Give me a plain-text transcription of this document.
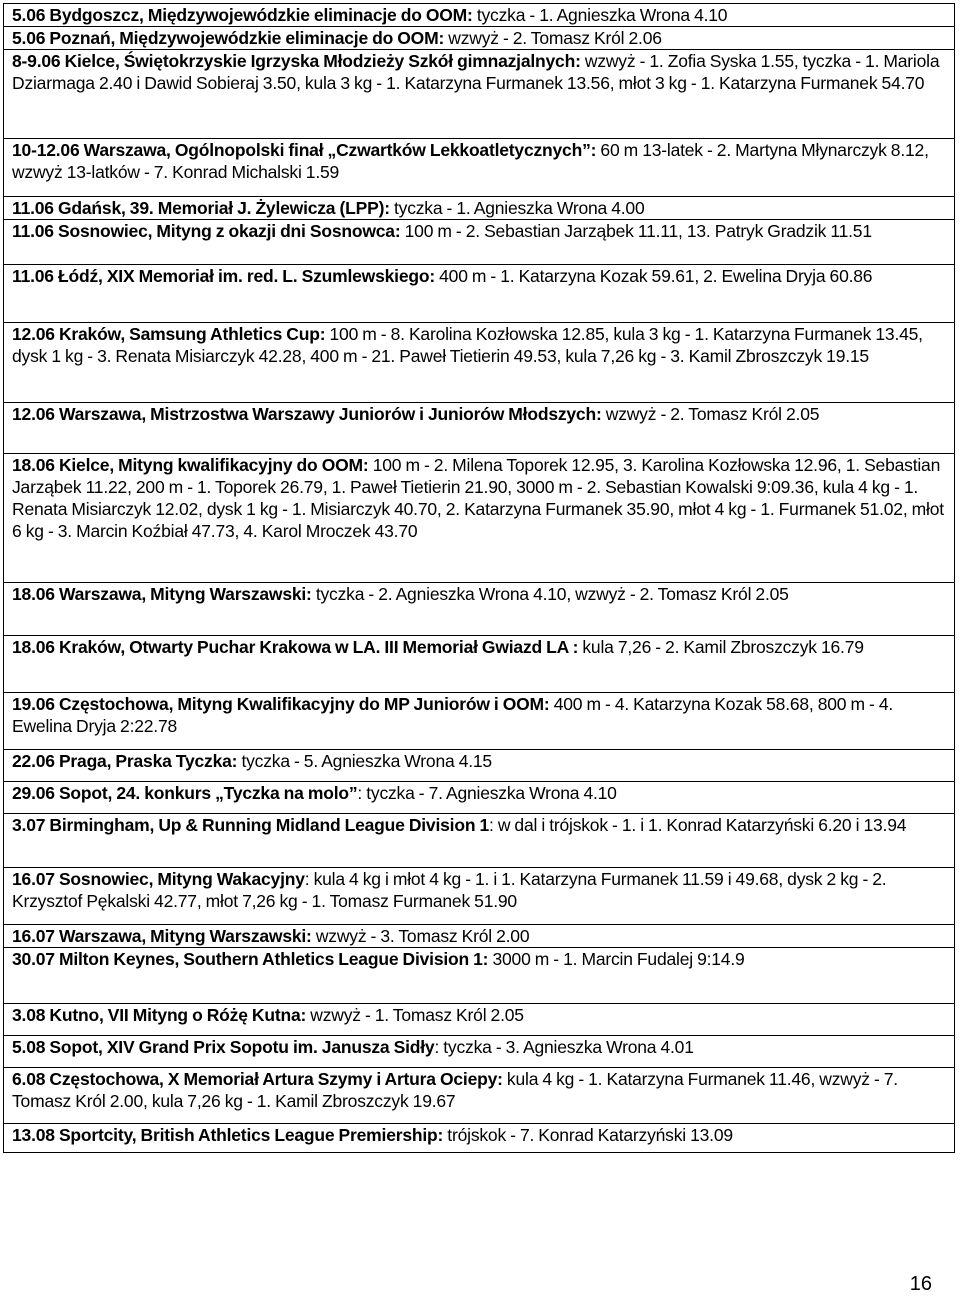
5.06 Bydgoszcz, Międzywojewódzkie eliminacje do OOM: tyczka - 1. Agnieszka Wrona 4.10
5.06 Poznań, Międzywojewódzkie eliminacje do OOM: wzwyż - 2. Tomasz Król 2.06
8-9.06 Kielce, Świętokrzyskie Igrzyska Młodzieży Szkół gimnazjalnych: wzwyż - 1. Zofia Syska 1.55, tyczka - 1. Mariola Dziarmaga 2.40 i Dawid Sobieraj 3.50, kula 3 kg - 1. Katarzyna Furmanek 13.56, młot 3 kg - 1. Katarzyna Furmanek 54.70
10-12.06 Warszawa, Ogólnopolski finał „Czwartków Lekkoatletycznych”: 60 m 13-latek - 2. Martyna Młynarczyk 8.12, wzwyż 13-latków - 7. Konrad Michalski 1.59
11.06 Gdańsk, 39. Memoriał J. Żylewicza (LPP): tyczka - 1. Agnieszka Wrona 4.00
11.06 Sosnowiec, Mityng z okazji dni Sosnowca: 100 m - 2. Sebastian Jarząbek 11.11, 13. Patryk Gradzik 11.51
11.06 Łódź, XIX Memoriał im. red. L. Szumlewskiego: 400 m - 1. Katarzyna Kozak 59.61, 2. Ewelina Dryja 60.86
12.06 Kraków, Samsung Athletics Cup: 100 m - 8. Karolina Kozłowska 12.85, kula 3 kg - 1. Katarzyna Furmanek 13.45, dysk 1 kg - 3. Renata Misiarczyk 42.28, 400 m - 21. Paweł Tietierin 49.53, kula 7,26 kg - 3. Kamil Zbroszczyk 19.15
12.06 Warszawa, Mistrzostwa Warszawy Juniorów i Juniorów Młodszych: wzwyż - 2. Tomasz Król 2.05
18.06 Kielce, Mityng kwalifikacyjny do OOM: 100 m - 2. Milena Toporek 12.95, 3. Karolina Kozłowska 12.96, 1. Sebastian Jarząbek 11.22, 200 m - 1. Toporek 26.79, 1. Paweł Tietierin 21.90, 3000 m - 2. Sebastian Kowalski 9:09.36, kula 4 kg - 1. Renata Misiarczyk 12.02, dysk 1 kg - 1. Misiarczyk 40.70, 2. Katarzyna Furmanek 35.90, młot 4 kg - 1. Furmanek 51.02, młot 6 kg - 3. Marcin Koźbiał 47.73, 4. Karol Mroczek 43.70
18.06 Warszawa, Mityng Warszawski: tyczka - 2. Agnieszka Wrona 4.10, wzwyż - 2. Tomasz Król 2.05
18.06 Kraków, Otwarty Puchar Krakowa w LA. III Memoriał Gwiazd LA : kula 7,26 - 2. Kamil Zbroszczyk 16.79
19.06 Częstochowa, Mityng Kwalifikacyjny do MP Juniorów i OOM: 400 m - 4. Katarzyna Kozak 58.68, 800 m - 4. Ewelina Dryja 2:22.78
22.06 Praga, Praska Tyczka: tyczka - 5. Agnieszka Wrona 4.15
29.06 Sopot, 24. konkurs „Tyczka na molo”: tyczka - 7. Agnieszka Wrona 4.10
3.07 Birmingham, Up & Running Midland League Division 1: w dal i trójskok - 1. i 1. Konrad Katarzyński 6.20 i 13.94
16.07 Sosnowiec, Mityng Wakacyjny: kula 4 kg i młot 4 kg - 1. i 1. Katarzyna Furmanek 11.59 i 49.68, dysk 2 kg - 2. Krzysztof Pękalski 42.77, młot 7,26 kg - 1. Tomasz Furmanek 51.90
16.07 Warszawa, Mityng Warszawski: wzwyż - 3. Tomasz Król 2.00
30.07 Milton Keynes, Southern Athletics League Division 1: 3000 m - 1. Marcin Fudalej 9:14.9
3.08 Kutno, VII Mityng o Różę Kutna: wzwyż - 1. Tomasz Król 2.05
5.08 Sopot, XIV Grand Prix Sopotu im. Janusza Sidły: tyczka - 3. Agnieszka Wrona 4.01
6.08 Częstochowa, X Memoriał Artura Szymy i Artura Ociepy: kula 4 kg - 1. Katarzyna Furmanek 11.46, wzwyż - 7. Tomasz Król 2.00, kula 7,26 kg - 1. Kamil Zbroszczyk 19.67
13.08 Sportcity, British Athletics League Premiership: trójskok - 7. Konrad Katarzyński 13.09
16
